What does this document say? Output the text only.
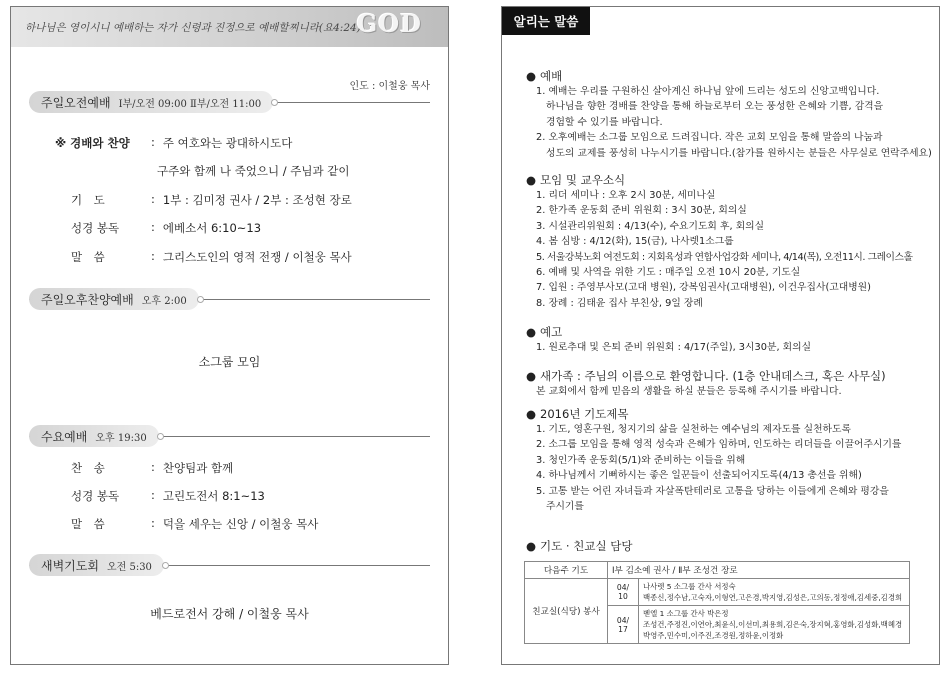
하나님은 영이시니 예배하는 자가 신령과 진정으로 예배할찌니라(요4:24)
GOD
인도 : 이철웅 목사
주일오전예배 Ⅰ부/오전 09:00 Ⅱ부/오전 11:00
※ 경배와 찬양	: 주 여호와는 광대하시도다
구주와 함께 나 죽었으니 / 주님과 같이
기　도	: 1부 : 김미정 권사 / 2부 : 조성현 장로
성경 봉독	: 에베소서 6:10~13
말　씀	: 그리스도인의 영적 전쟁 / 이철웅 목사
주일오후찬양예배 오후 2:00
소그룹 모임
수요예배 오후 19:30
찬　송	: 찬양팀과 함께
성경 봉독	: 고린도전서 8:1~13
말　씀	: 덕을 세우는 신앙 / 이철웅 목사
새벽기도회 오전 5:30
베드로전서 강해 / 이철웅 목사
알리는 말씀
● 예배
1. 예배는 우리를 구원하신 살아계신 하나님 앞에 드리는 성도의 신앙고백입니다.
하나님을 향한 경배를 찬양을 통해 하늘로부터 오는 풍성한 은혜와 기쁨, 감격을
경험할 수 있기를 바랍니다.
2. 오후예배는 소그룹 모임으로 드려집니다. 작은 교회 모임을 통해 말씀의 나눔과
성도의 교제를 풍성히 나누시기를 바랍니다.(참가를 원하시는 분들은 사무실로 연락주세요)
● 모임 및 교우소식
1. 리더 세미나 : 오후 2시 30분, 세미나실
2. 한가족 운동회 준비 위원회 : 3시 30분, 회의실
3. 시설관리위원회 : 4/13(수), 수요기도회 후, 회의실
4. 봄 심방 : 4/12(화), 15(금), 나사렛1소그룹
5. 서울강북노회 여전도회 : 지회육성과 연합사업강화 세미나, 4/14(목), 오전11시. 그레이스홀
6. 예배 및 사역을 위한 기도 : 매주일 오전 10시 20분, 기도실
7. 입원 : 주영부사모(고대 병원), 강복임권사(고대병원), 이건우집사(고대병원)
8. 장례 : 김태윤 집사 부친상, 9일 장례
● 예고
1. 원로추대 및 은퇴 준비 위원회 : 4/17(주일), 3시30분, 회의실
● 새가족 : 주님의 이름으로 환영합니다. (1층 안내데스크, 혹은 사무실)
본 교회에서 함께 믿음의 생활을 하실 분들은 등록해 주시기를 바랍니다.
● 2016년 기도제목
1. 기도, 영혼구원, 청지기의 삶을 실천하는 예수님의 제자도를 실천하도록
2. 소그룹 모임을 통해 영적 성숙과 은혜가 임하며, 인도하는 리더들을 이끌어주시기를
3. 청인가족 운동회(5/1)와 준비하는 이들을 위해
4. 하나님께서 기뻐하시는 좋은 일꾼들이 선출되어지도록(4/13 총선을 위해)
5. 고통 받는 어린 자녀들과 자살폭탄테러로 고통을 당하는 이들에게 은혜와 평강을
주시기를
● 기도 · 친교실 담당
다음주 기도	Ⅰ부 김소예 권사 / Ⅱ부 조성건 장로	
친교실(식당) 봉사	04/ 10	나사렛 5 소그룹 간사 서정숙
백종신,정수남,고숙자,이형연,고은경,박지영,김성은,고의동,정정애,김세중,김경희

	04/ 17	벧엘 1 소그룹 간사 박은정
조성건,주정진,이연아,최윤식,이선미,최용희,김은숙,장지혁,홍영화,김성화,백혜경
박영주,민수미,이주진,조경원,정하윤,이정화
